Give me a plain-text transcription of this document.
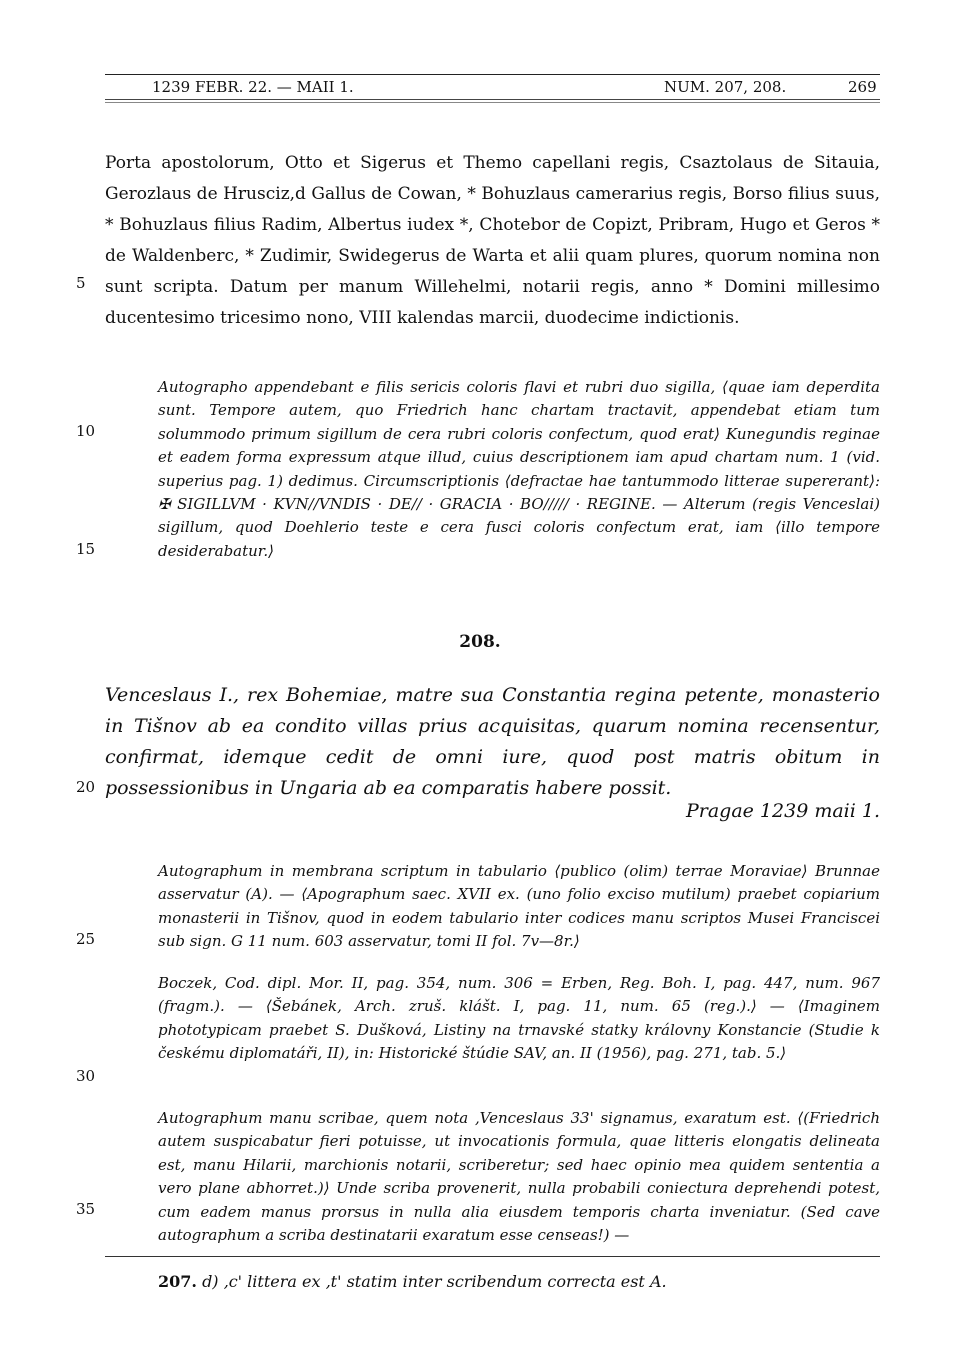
1239 FEBR. 22. — MAII 1.	NUM. 207, 208.	269
5
10
15
20
25
30
35

Porta apostolorum, Otto et Sigerus et Themo capellani regis, Csaztolaus de Sitauia, Gerozlaus de Hrusciz,d Gallus de Cowan, * Bohuzlaus camerarius regis, Borso filius suus, * Bohuzlaus filius Radim, Albertus iudex *, Chotebor de Copizt, Pribram, Hugo et Geros * de Waldenberc, * Zudimir, Swidegerus de Warta et alii quam plures, quorum nomina non sunt scripta. Datum per manum Willehelmi, notarii regis, anno * Domini millesimo ducentesimo tricesimo nono, VIII kalendas marcii, duodecime indictionis.

Autographo appendebant e filis sericis coloris flavi et rubri duo sigilla, ⟨quae iam deperdita sunt. Tempore autem, quo Friedrich hanc chartam tractavit, appendebat etiam tum solummodo primum sigillum de cera rubri coloris confectum, quod erat⟩ Kunegundis reginae et eadem forma expressum atque illud, cuius descriptionem iam apud chartam num. 1 (vid. superius pag. 1) dedimus. Circumscriptionis ⟨defractae hae tantummodo litterae supererant⟩: ✠ SIGILLVM · KVN//VNDIS · DE// · GRACIA · BO///// · REGINE. — Alterum (regis Venceslai) sigillum, quod Doehlerio teste e cera fusci coloris confectum erat, iam ⟨illo tempore desiderabatur.⟩

208.

Venceslaus I., rex Bohemiae, matre sua Constantia regina petente, monasterio in Tišnov ab ea condito villas prius acquisitas, quarum nomina recensentur, confirmat, idemque cedit de omni iure, quod post matris obitum in possessionibus in Ungaria ab ea comparatis habere possit.

Pragae 1239 maii 1.

Autographum in membrana scriptum in tabulario ⟨publico (olim) terrae Moraviae⟩ Brunnae asservatur (A). — ⟨Apographum saec. XVII ex. (uno folio exciso mutilum) praebet copiarium monasterii in Tišnov, quod in eodem tabulario inter codices manu scriptos Musei Franciscei sub sign. G 11 num. 603 asservatur, tomi II fol. 7v—8r.⟩

Boczek, Cod. dipl. Mor. II, pag. 354, num. 306 = Erben, Reg. Boh. I, pag. 447, num. 967 (fragm.). — ⟨Šebánek, Arch. zruš. klášt. I, pag. 11, num. 65 (reg.).⟩ — ⟨Imaginem phototypicam praebet S. Dušková, Listiny na trnavské statky královny Konstancie (Studie k českému diplomatáři, II), in: Historické štúdie SAV, an. II (1956), pag. 271, tab. 5.⟩

Autographum manu scribae, quem nota ‚Venceslaus 33' signamus, exaratum est. ⟨(Friedrich autem suspicabatur fieri potuisse, ut invocationis formula, quae litteris elongatis delineata est, manu Hilarii, marchionis notarii, scriberetur; sed haec opinio mea quidem sententia a vero plane abhorret.)⟩ Unde scriba provenerit, nulla probabili coniectura deprehendi potest, cum eadem manus prorsus in nulla alia eiusdem temporis charta inveniatur. (Sed cave autographum a scriba destinatarii exaratum esse censeas!) —

207. d) ‚c' littera ex ‚t' statim inter scribendum correcta est A.
